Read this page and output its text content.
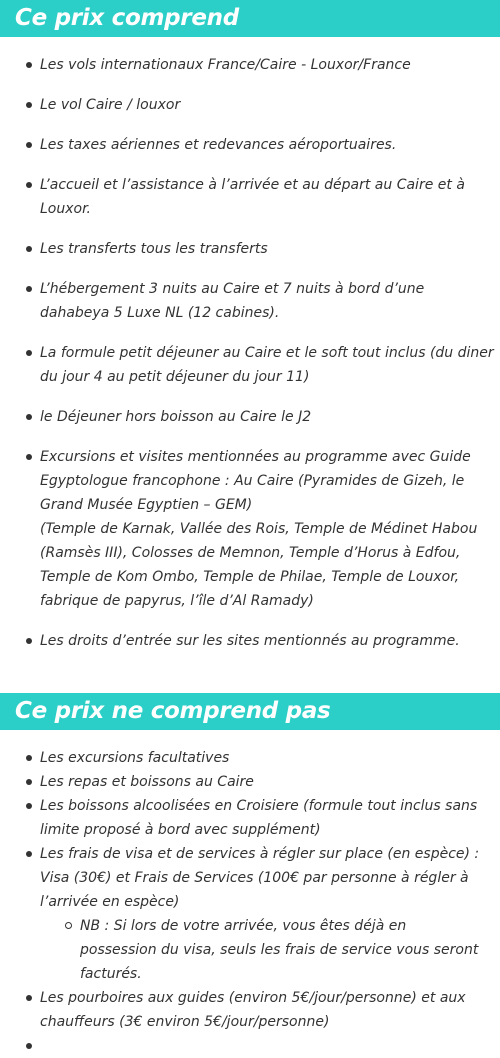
Ce prix comprend
Les vols internationaux France/Caire - Louxor/France
Le vol Caire / louxor
Les taxes aériennes et redevances aéroportuaires.
L’accueil et l’assistance à l’arrivée et au départ au Caire et à Louxor.
Les transferts tous les transferts
L’hébergement 3 nuits au Caire et 7 nuits à bord d’une dahabeya 5 Luxe NL (12 cabines).
La formule petit déjeuner au Caire et le soft tout inclus (du diner du jour 4 au petit déjeuner du jour 11)
le Déjeuner hors boisson au Caire le J2
Excursions et visites mentionnées au programme avec Guide Egyptologue francophone : Au Caire (Pyramides de Gizeh, le Grand Musée Egyptien – GEM)
(Temple de Karnak, Vallée des Rois, Temple de Médinet Habou (Ramsès III), Colosses de Memnon, Temple d’Horus à Edfou, Temple de Kom Ombo, Temple de Philae, Temple de Louxor, fabrique de papyrus, l’île d’Al Ramady)
Les droits d’entrée sur les sites mentionnés au programme.
Ce prix ne comprend pas
Les excursions facultatives
Les repas et boissons au Caire
Les boissons alcoolisées en Croisiere (formule tout inclus sans limite proposé à bord avec supplément)
Les frais de visa et de services à régler sur place (en espèce) : Visa (30€) et Frais de Services (100€ par personne à régler à l’arrivée en espèce)
NB : Si lors de votre arrivée, vous êtes déjà en possession du visa, seuls les frais de service vous seront facturés.
Les pourboires aux guides (environ 5€/jour/personne) et aux chauffeurs (3€ environ 5€/jour/personne)
